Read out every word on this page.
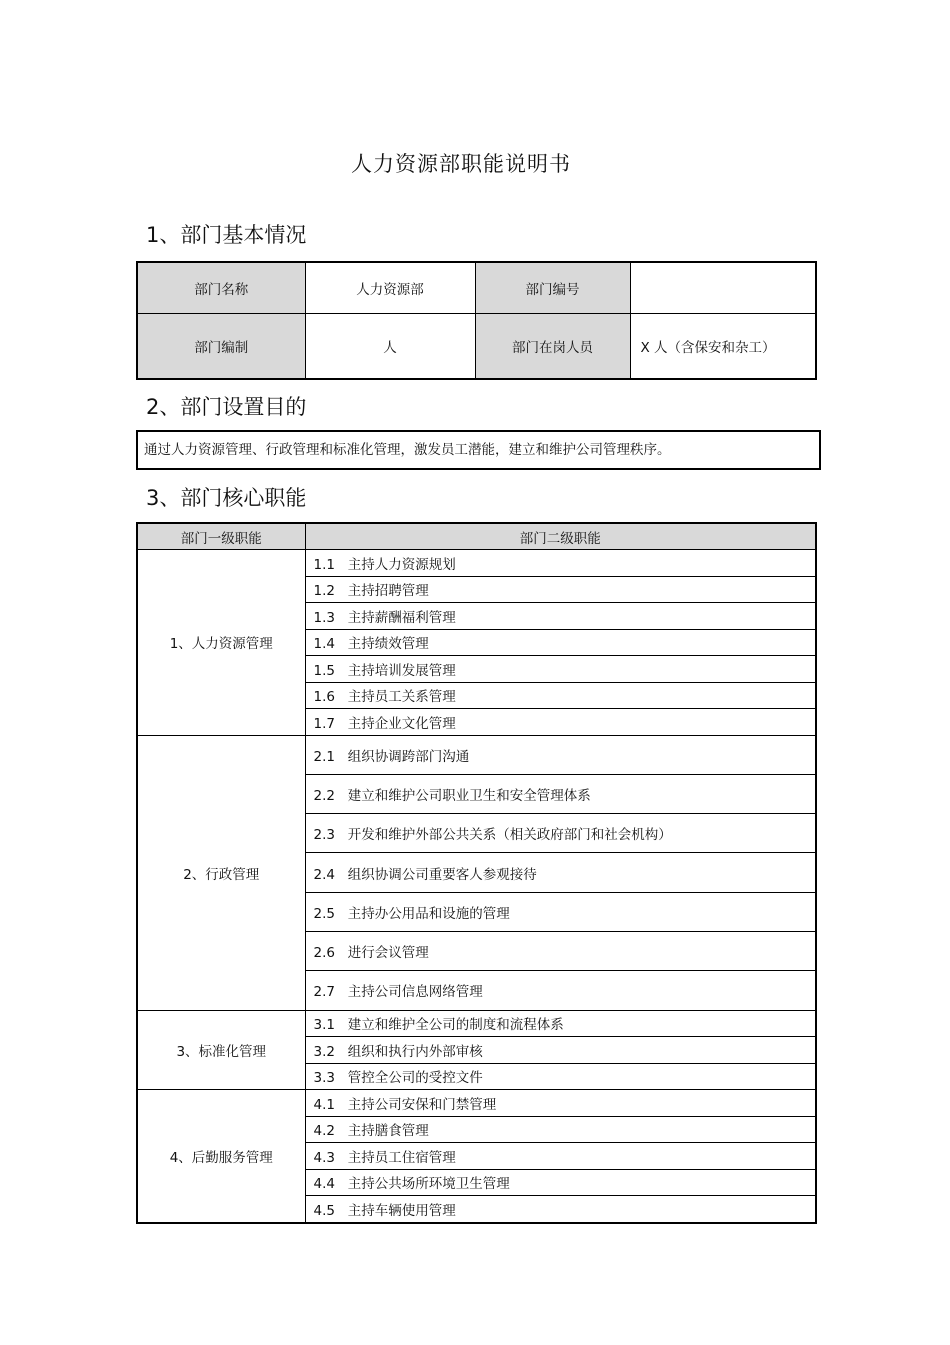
人力资源部职能说明书
1、部门基本情况
部门名称	人力资源部	部门编号	
部门编制	人	部门在岗人员	X 人（含保安和杂工）
2、部门设置目的
通过人力资源管理、行政管理和标准化管理，激发员工潜能，建立和维护公司管理秩序。
3、部门核心职能
部门一级职能	部门二级职能
1、人力资源管理	1.1 主持人力资源规划
	1.2 主持招聘管理
	1.3 主持薪酬福利管理
	1.4 主持绩效管理
	1.5 主持培训发展管理
	1.6 主持员工关系管理
	1.7 主持企业文化管理
2、行政管理	2.1 组织协调跨部门沟通
	2.2 建立和维护公司职业卫生和安全管理体系
	2.3 开发和维护外部公共关系（相关政府部门和社会机构）
	2.4 组织协调公司重要客人参观接待
	2.5 主持办公用品和设施的管理
	2.6 进行会议管理
	2.7 主持公司信息网络管理
3、标准化管理	3.1 建立和维护全公司的制度和流程体系
	3.2 组织和执行内外部审核
	3.3 管控全公司的受控文件
4、后勤服务管理	4.1 主持公司安保和门禁管理
	4.2 主持膳食管理
	4.3 主持员工住宿管理
	4.4 主持公共场所环境卫生管理
	4.5 主持车辆使用管理
